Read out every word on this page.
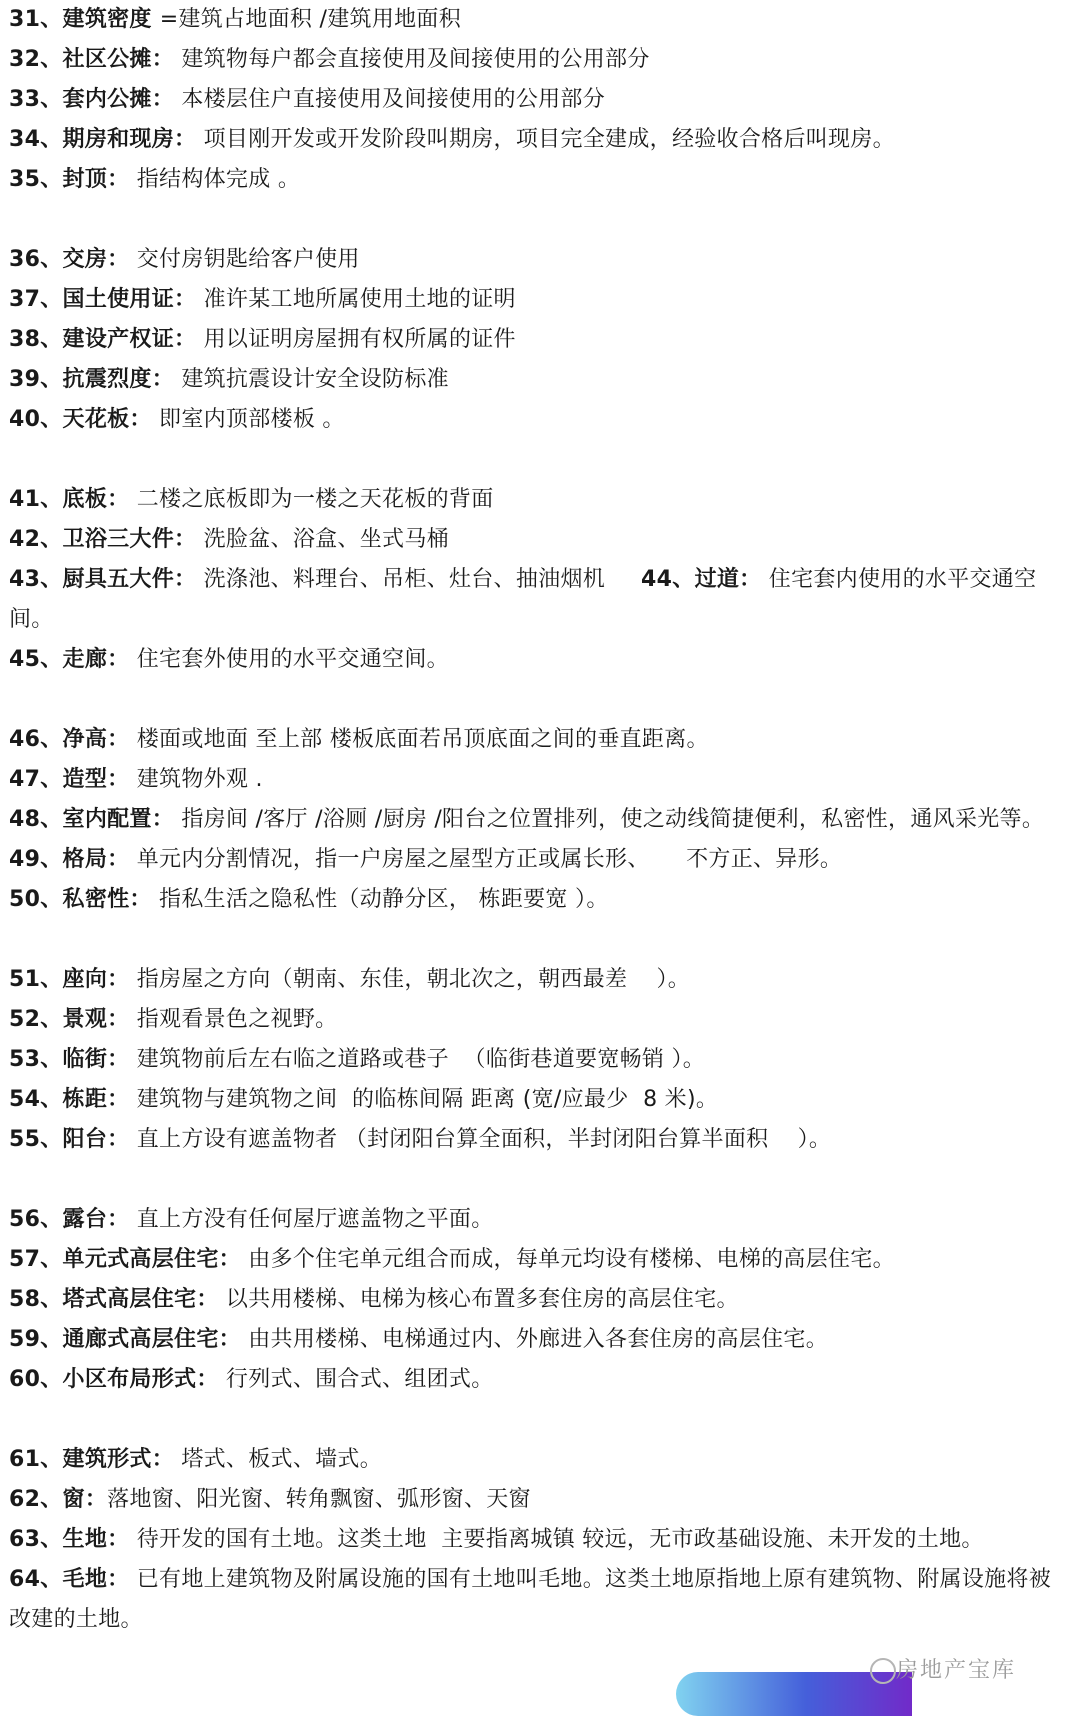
31、建筑密度 =建筑占地面积 /建筑用地面积
32、社区公摊： 建筑物每户都会直接使用及间接使用的公用部分
33、套内公摊： 本楼层住户直接使用及间接使用的公用部分
34、期房和现房： 项目刚开发或开发阶段叫期房，项目完全建成，经验收合格后叫现房。
35、封顶： 指结构体完成 。
36、交房： 交付房钥匙给客户使用
37、国土使用证： 准许某工地所属使用土地的证明
38、建设产权证： 用以证明房屋拥有权所属的证件
39、抗震烈度： 建筑抗震设计安全设防标准
40、天花板： 即室内顶部楼板 。
41、底板： 二楼之底板即为一楼之天花板的背面
42、卫浴三大件： 洗脸盆、浴盒、坐式马桶
43、厨具五大件： 洗涤池、料理台、吊柜、灶台、抽油烟机 44、过道： 住宅套内使用的水平交通空间。
45、走廊： 住宅套外使用的水平交通空间。
46、净高： 楼面或地面 至上部 楼板底面若吊顶底面之间的垂直距离。
47、造型： 建筑物外观 .
48、室内配置： 指房间 /客厅 /浴厕 /厨房 /阳台之位置排列，使之动线简捷便利，私密性，通风采光等。
49、格局： 单元内分割情况，指一户房屋之屋型方正或属长形、     不方正、异形。
50、私密性： 指私生活之隐私性（动静分区， 栋距要宽 ）。
51、座向： 指房屋之方向（朝南、东佳，朝北次之，朝西最差    ）。
52、景观： 指观看景色之视野。
53、临街： 建筑物前后左右临之道路或巷子  （临街巷道要宽畅销 ）。
54、栋距： 建筑物与建筑物之间  的临栋间隔 距离 (宽/应最少  8 米)。
55、阳台： 直上方设有遮盖物者 （封闭阳台算全面积，半封闭阳台算半面积    ）。
56、露台： 直上方没有任何屋厅遮盖物之平面。
57、单元式高层住宅： 由多个住宅单元组合而成，每单元均设有楼梯、电梯的高层住宅。
58、塔式高层住宅： 以共用楼梯、电梯为核心布置多套住房的高层住宅。
59、通廊式高层住宅： 由共用楼梯、电梯通过内、外廊进入各套住房的高层住宅。
60、小区布局形式： 行列式、围合式、组团式。
61、建筑形式： 塔式、板式、墙式。
62、窗：落地窗、阳光窗、转角飘窗、弧形窗、天窗
63、生地： 待开发的国有土地。这类土地  主要指离城镇 较远，无市政基础设施、未开发的土地。
64、毛地： 已有地上建筑物及附属设施的国有土地叫毛地。这类土地原指地上原有建筑物、附属设施将被改建的土地。
房地产宝库
